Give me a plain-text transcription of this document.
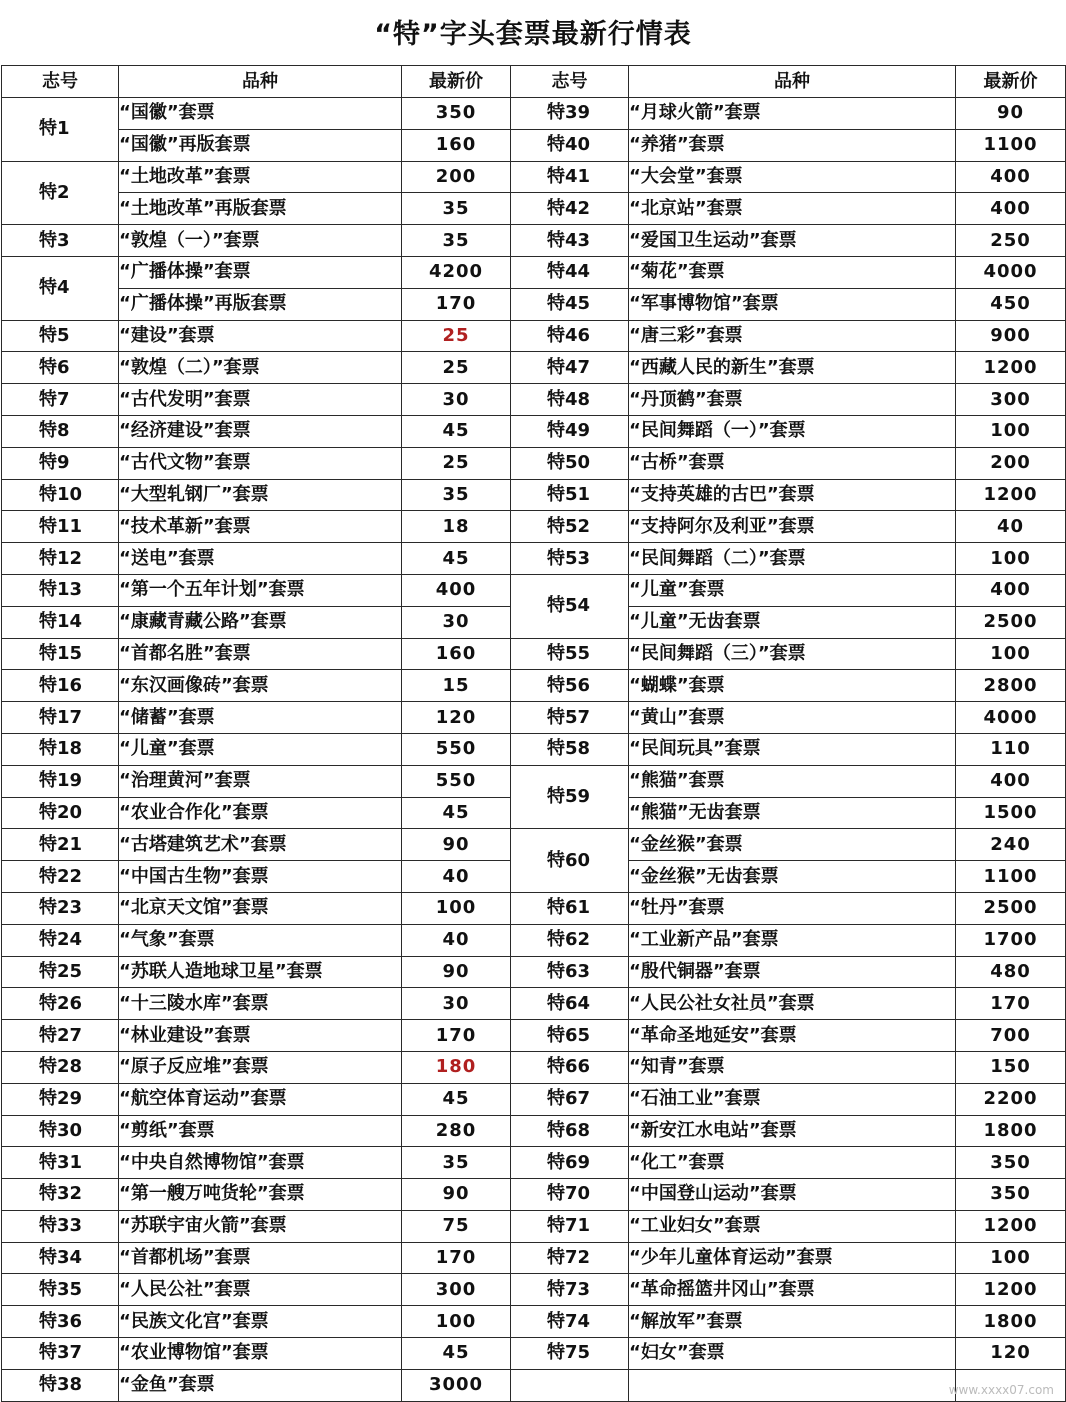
“特”字头套票最新行情表
志号	品种	最新价	志号	品种	最新价
特1	“国徽”套票	350	特39	“月球火箭”套票	90
	“国徽”再版套票	160	特40	“养猪”套票	1100
特2	“土地改革”套票	200	特41	“大会堂”套票	400
	“土地改革”再版套票	35	特42	“北京站”套票	400
特3	“敦煌（一）”套票	35	特43	“爱国卫生运动”套票	250
特4	“广播体操”套票	4200	特44	“菊花”套票	4000
	“广播体操”再版套票	170	特45	“军事博物馆”套票	450
特5	“建设”套票	25	特46	“唐三彩”套票	900
特6	“敦煌（二）”套票	25	特47	“西藏人民的新生”套票	1200
特7	“古代发明”套票	30	特48	“丹顶鹤”套票	300
特8	“经济建设”套票	45	特49	“民间舞蹈（一）”套票	100
特9	“古代文物”套票	25	特50	“古桥”套票	200
特10	“大型轧钢厂”套票	35	特51	“支持英雄的古巴”套票	1200
特11	“技术革新”套票	18	特52	“支持阿尔及利亚”套票	40
特12	“送电”套票	45	特53	“民间舞蹈（二）”套票	100
特13	“第一个五年计划”套票	400	特54	“儿童”套票	400
特14	“康藏青藏公路”套票	30		“儿童”无齿套票	2500
特15	“首都名胜”套票	160	特55	“民间舞蹈（三）”套票	100
特16	“东汉画像砖”套票	15	特56	“蝴蝶”套票	2800
特17	“储蓄”套票	120	特57	“黄山”套票	4000
特18	“儿童”套票	550	特58	“民间玩具”套票	110
特19	“治理黄河”套票	550	特59	“熊猫”套票	400
特20	“农业合作化”套票	45		“熊猫”无齿套票	1500
特21	“古塔建筑艺术”套票	90	特60	“金丝猴”套票	240
特22	“中国古生物”套票	40		“金丝猴”无齿套票	1100
特23	“北京天文馆”套票	100	特61	“牡丹”套票	2500
特24	“气象”套票	40	特62	“工业新产品”套票	1700
特25	“苏联人造地球卫星”套票	90	特63	“殷代铜器”套票	480
特26	“十三陵水库”套票	30	特64	“人民公社女社员”套票	170
特27	“林业建设”套票	170	特65	“革命圣地延安”套票	700
特28	“原子反应堆”套票	180	特66	“知青”套票	150
特29	“航空体育运动”套票	45	特67	“石油工业”套票	2200
特30	“剪纸”套票	280	特68	“新安江水电站”套票	1800
特31	“中央自然博物馆”套票	35	特69	“化工”套票	350
特32	“第一艘万吨货轮”套票	90	特70	“中国登山运动”套票	350
特33	“苏联宇宙火箭”套票	75	特71	“工业妇女”套票	1200
特34	“首都机场”套票	170	特72	“少年儿童体育运动”套票	100
特35	“人民公社”套票	300	特73	“革命摇篮井冈山”套票	1200
特36	“民族文化宫”套票	100	特74	“解放军”套票	1800
特37	“农业博物馆”套票	45	特75	“妇女”套票	120
特38	“金鱼”套票	3000				www.xxxx07.com
